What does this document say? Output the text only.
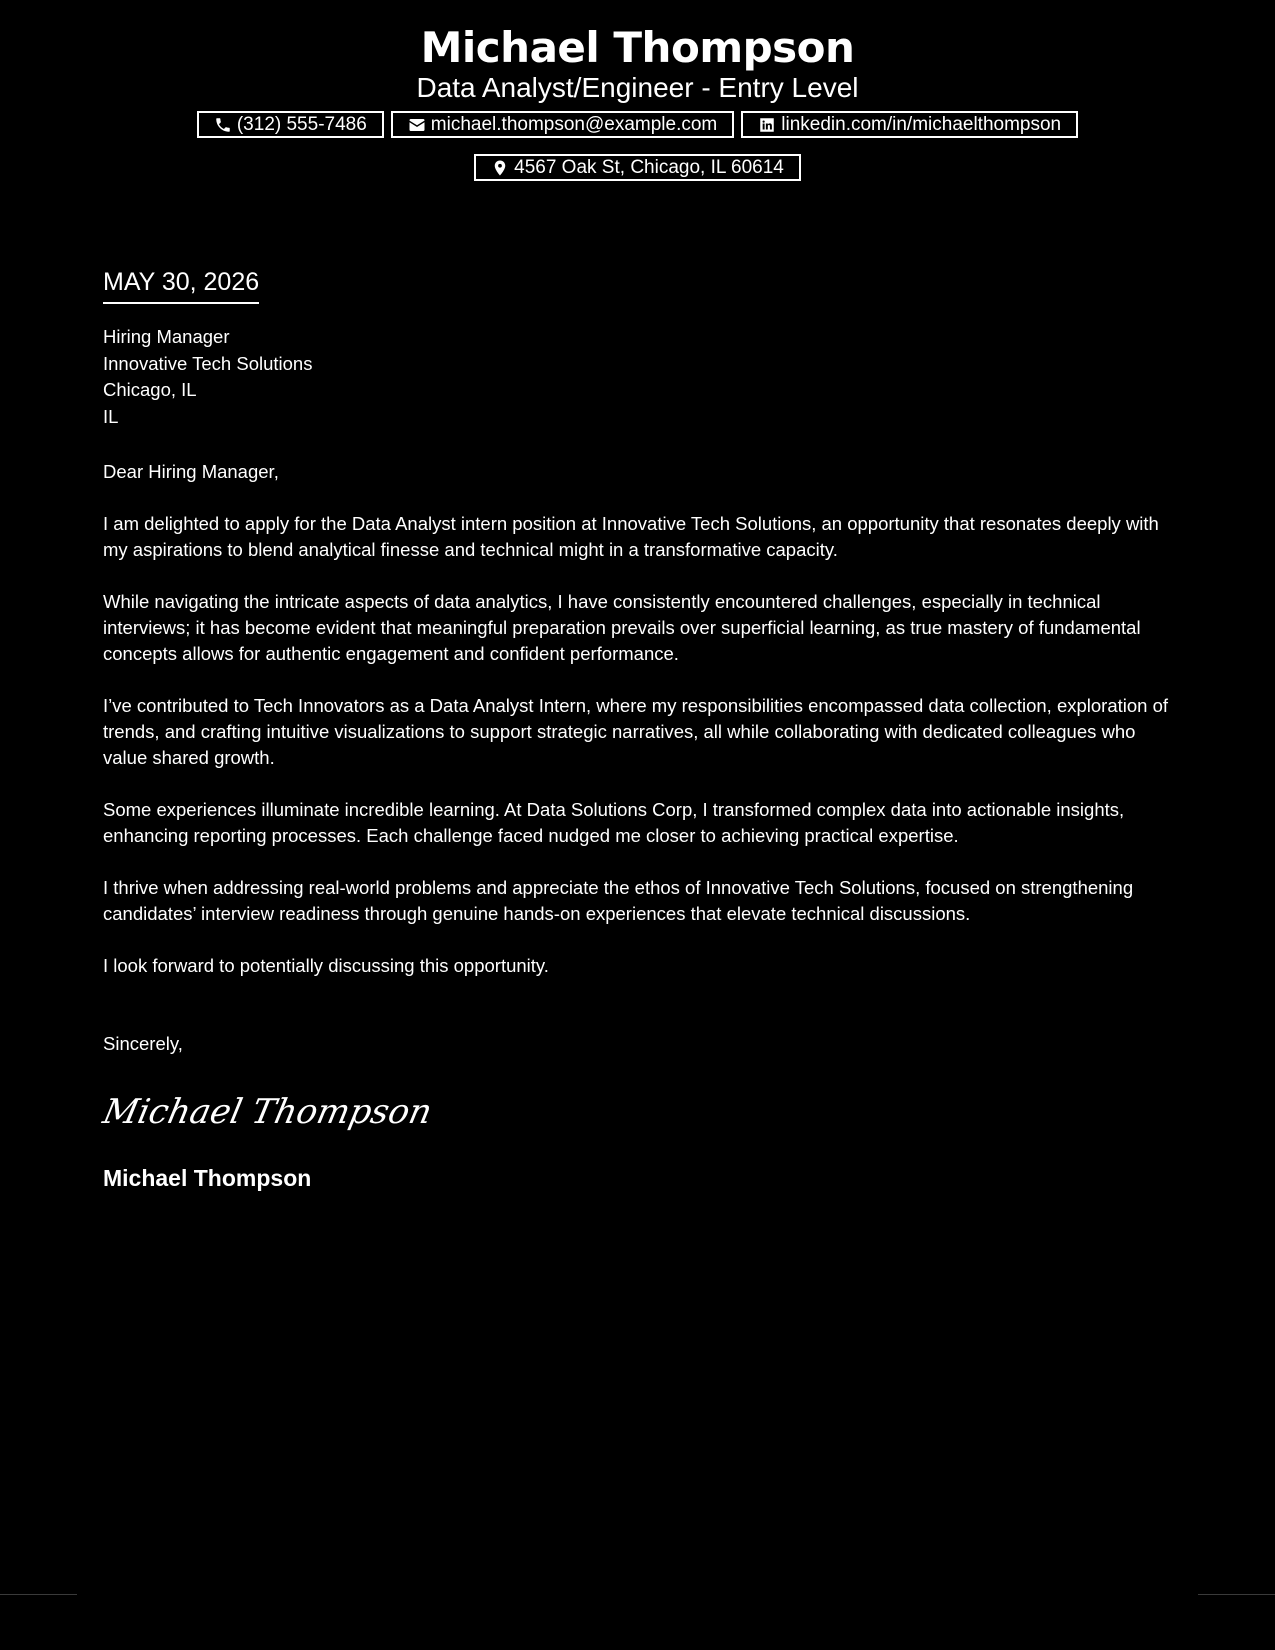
Michael Thompson
Data Analyst/Engineer - Entry Level
(312) 555-7486	michael.thompson@example.com	linkedin.com/in/michaelthompson
4567 Oak St, Chicago, IL 60614
MAY 30, 2026
Hiring Manager
Innovative Tech Solutions
Chicago, IL
IL
Dear Hiring Manager,

I am delighted to apply for the Data Analyst intern position at Innovative Tech Solutions, an opportunity that resonates deeply with my aspirations to blend analytical finesse and technical might in a transformative capacity.

While navigating the intricate aspects of data analytics, I have consistently encountered challenges, especially in technical interviews; it has become evident that meaningful preparation prevails over superficial learning, as true mastery of fundamental concepts allows for authentic engagement and confident performance.

I’ve contributed to Tech Innovators as a Data Analyst Intern, where my responsibilities encompassed data collection, exploration of trends, and crafting intuitive visualizations to support strategic narratives, all while collaborating with dedicated colleagues who value shared growth.

Some experiences illuminate incredible learning. At Data Solutions Corp, I transformed complex data into actionable insights, enhancing reporting processes. Each challenge faced nudged me closer to achieving practical expertise.

I thrive when addressing real-world problems and appreciate the ethos of Innovative Tech Solutions, focused on strengthening candidates’ interview readiness through genuine hands-on experiences that elevate technical discussions.

I look forward to potentially discussing this opportunity.

Sincerely,
Michael Thompson
Michael Thompson
